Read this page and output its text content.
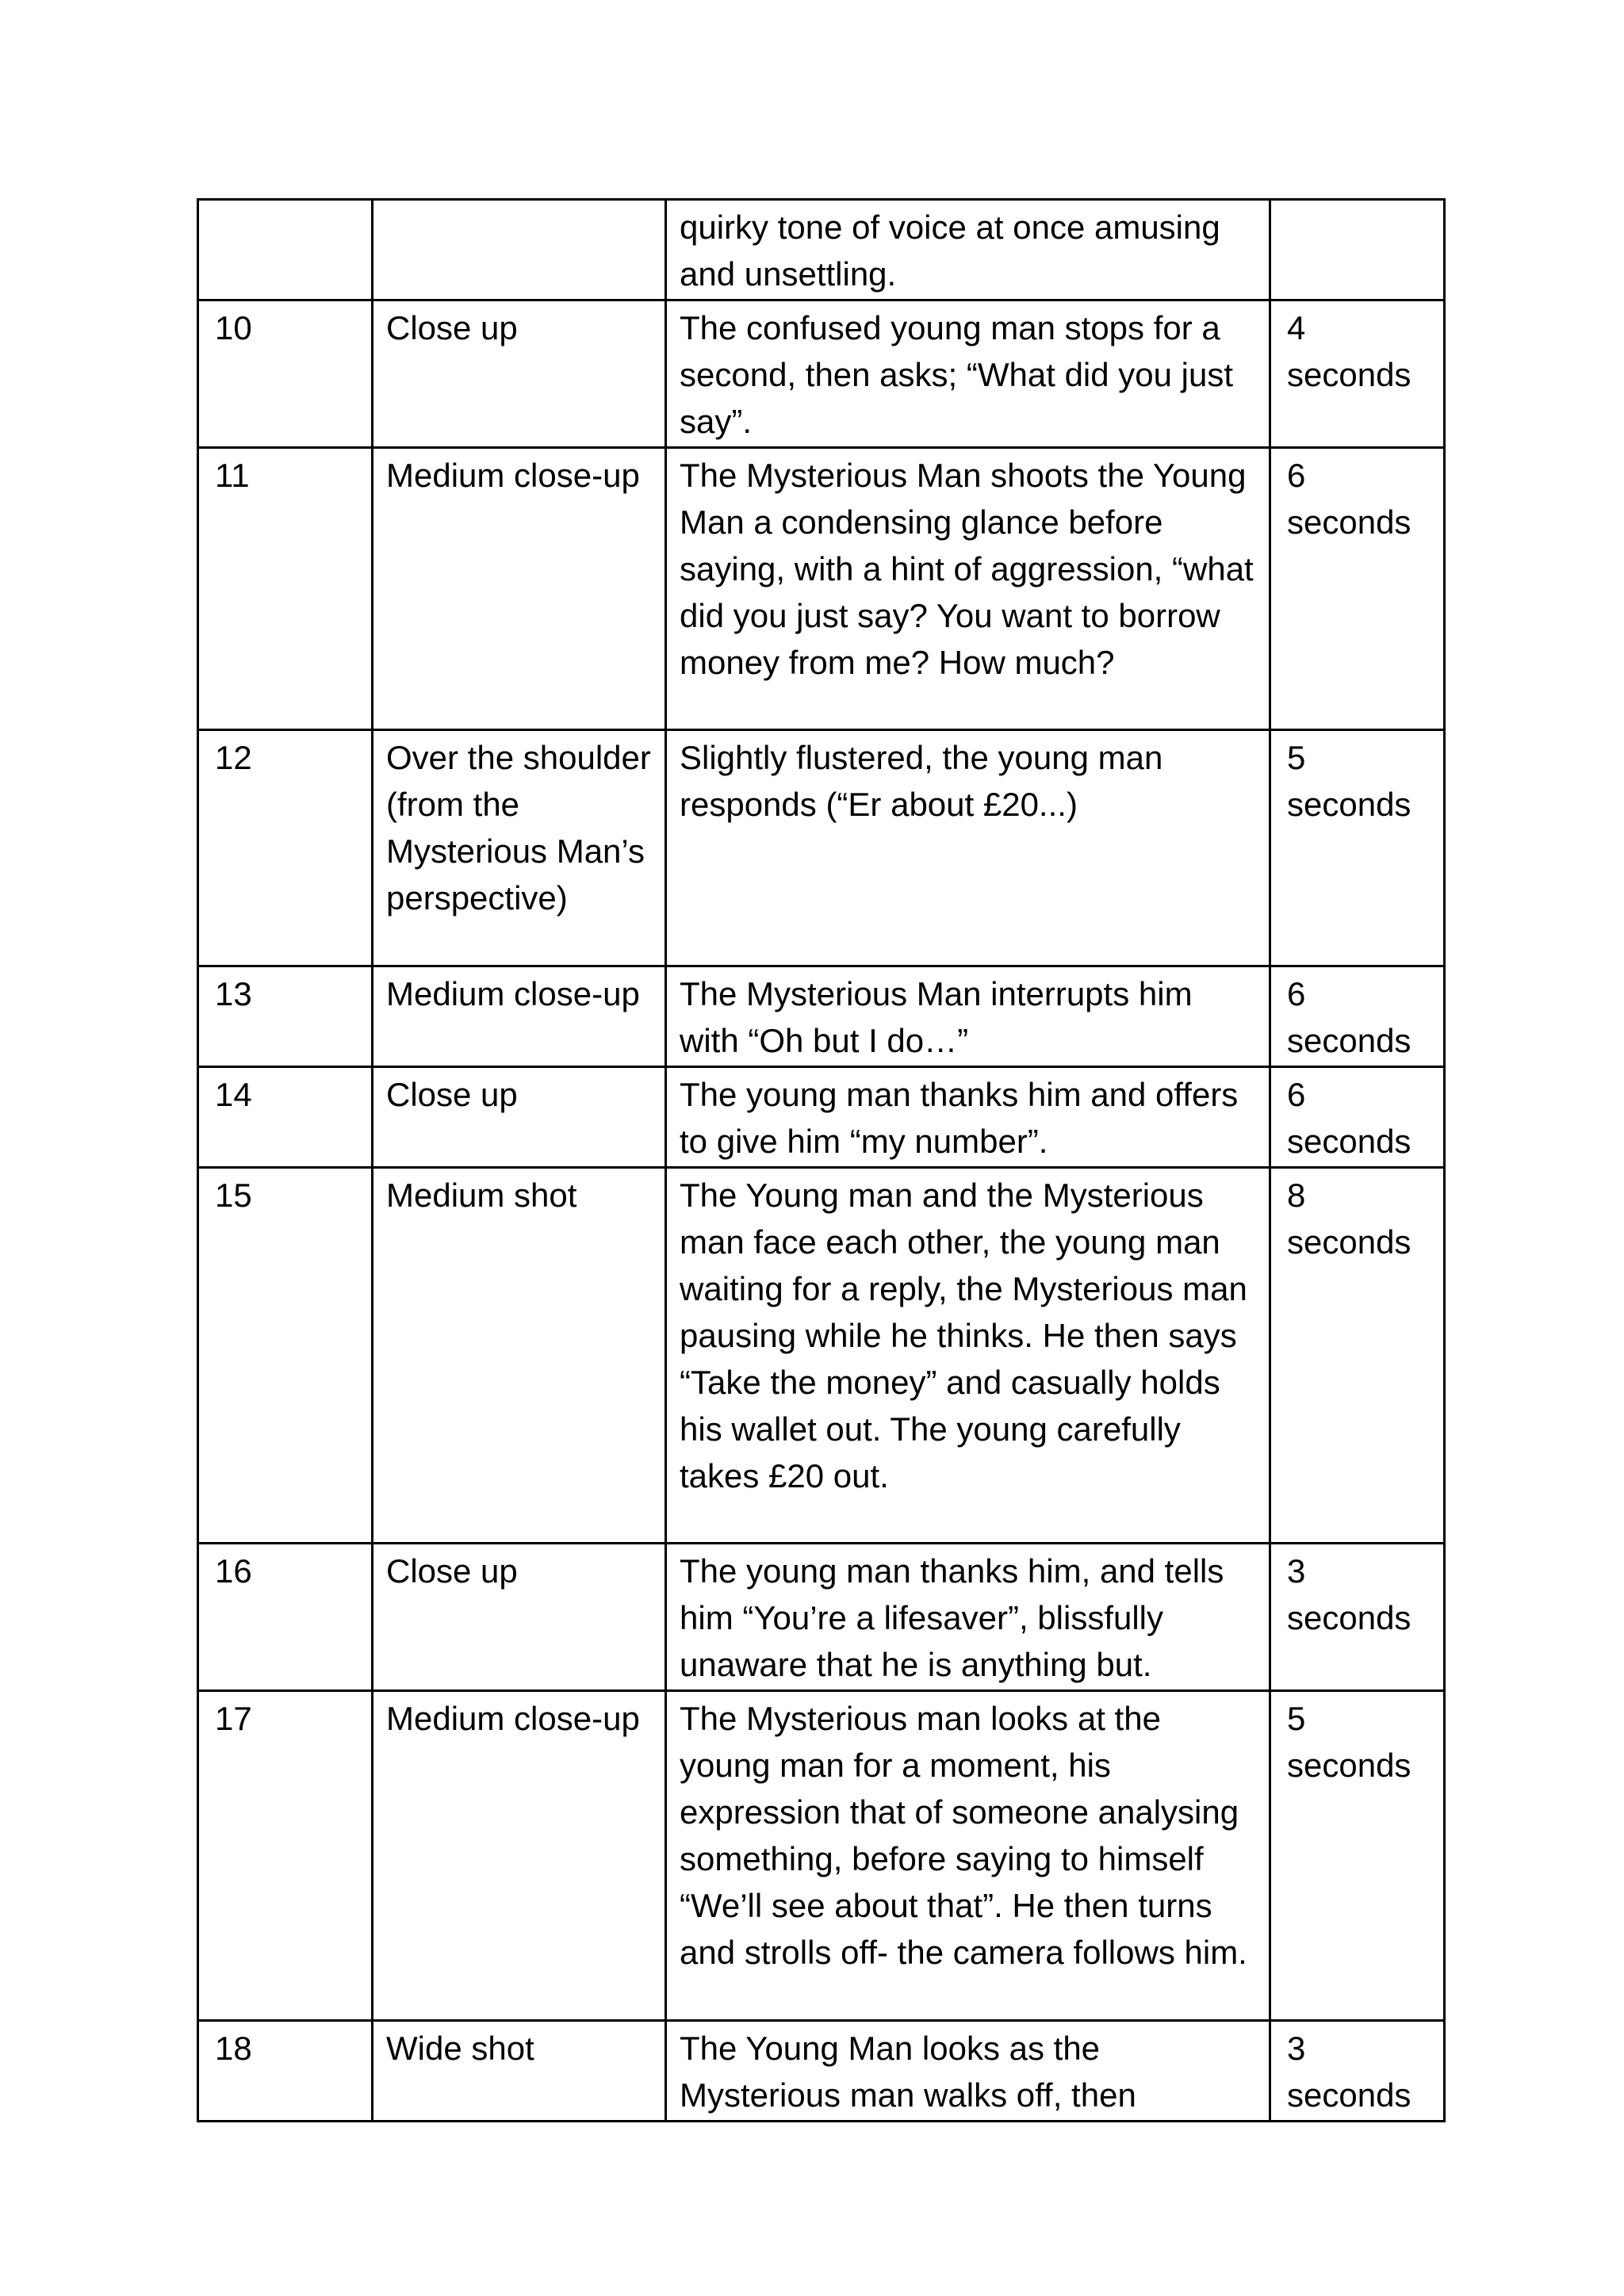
		quirky tone of voice at once amusing and unsettling.	
10	Close up	The confused young man stops for a second, then asks; “What did you just say”.	4 seconds
11	Medium close-up	The Mysterious Man shoots the Young Man a condensing glance before saying, with a hint of aggression, “what did you just say? You want to borrow money from me? How much?	6 seconds
12	Over the shoulder (from the Mysterious Man’s perspective)	Slightly flustered, the young man responds (“Er about £20...)	5 seconds
13	Medium close-up	The Mysterious Man interrupts him with “Oh but I do…”	6 seconds
14	Close up	The young man thanks him and offers to give him “my number”.	6 seconds
15	Medium shot	The Young man and the Mysterious man face each other, the young man waiting for a reply, the Mysterious man pausing while he thinks. He then says “Take the money” and casually holds his wallet out. The young carefully takes £20 out.	8 seconds
16	Close up	The young man thanks him, and tells him “You’re a lifesaver”, blissfully unaware that he is anything but.	3 seconds
17	Medium close-up	The Mysterious man looks at the young man for a moment, his expression that of someone analysing something, before saying to himself “We’ll see about that”. He then turns and strolls off- the camera follows him.	5 seconds
18	Wide shot	The Young Man looks as the Mysterious man walks off, then	3 seconds
